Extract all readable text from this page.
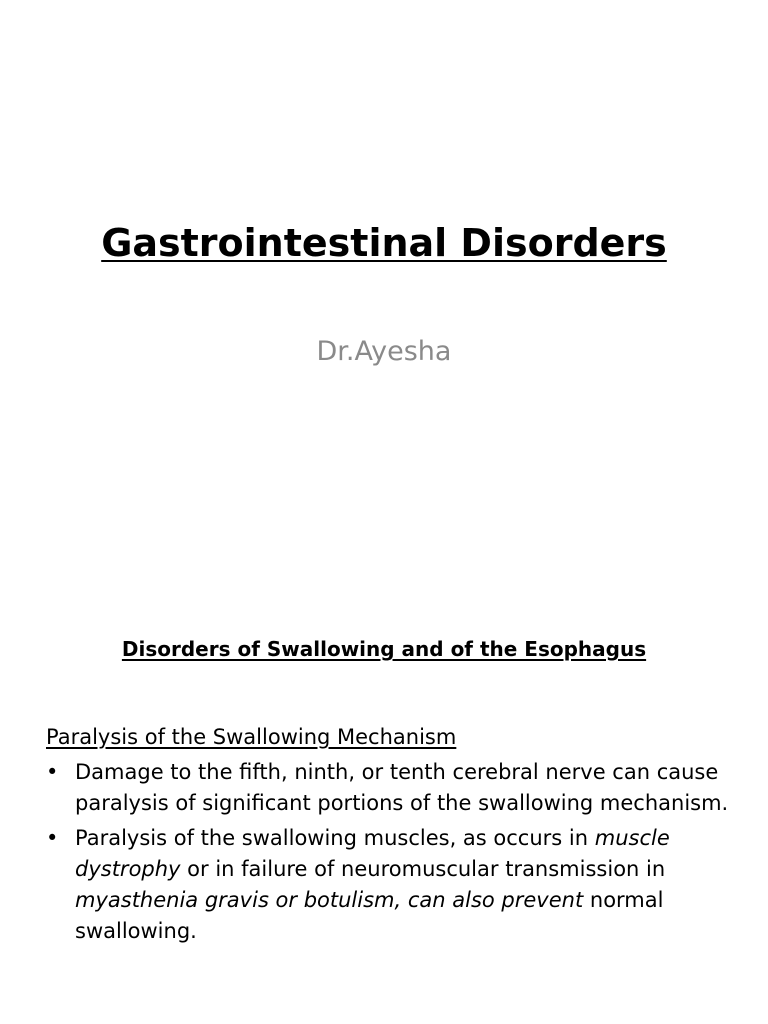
Gastrointestinal Disorders
Dr.Ayesha
Disorders of Swallowing and of the Esophagus
Paralysis of the Swallowing Mechanism
• Damage to the fifth, ninth, or tenth cerebral nerve can cause paralysis of significant portions of the swallowing mechanism.
• Paralysis of the swallowing muscles, as occurs in muscle dystrophy or in failure of neuromuscular transmission in myasthenia gravis or botulism, can also prevent normal swallowing.
